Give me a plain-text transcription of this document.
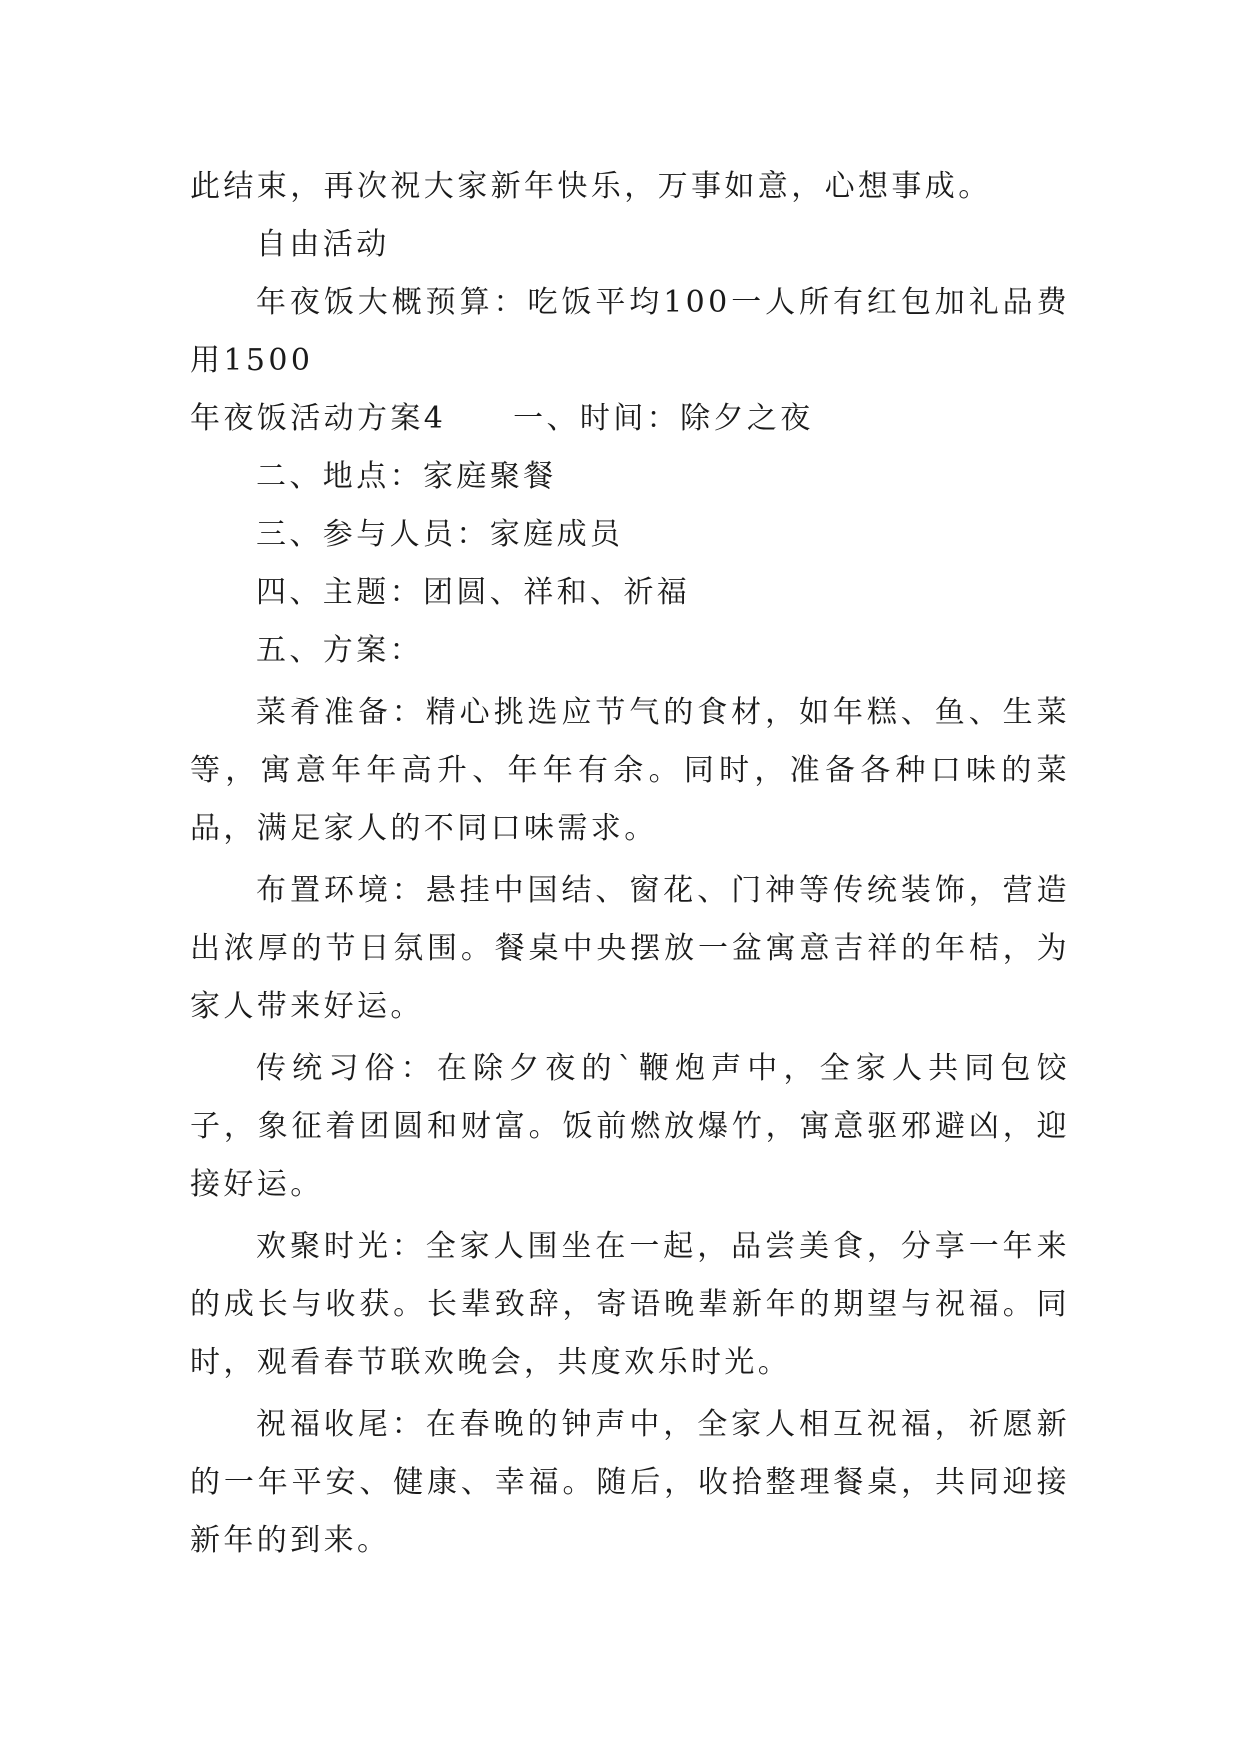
此结束，再次祝大家新年快乐，万事如意，心想事成。

自由活动

年夜饭大概预算：吃饭平均100一人所有红包加礼品费用1500

年夜饭活动方案4　　一、时间：除夕之夜

二、地点：家庭聚餐

三、参与人员：家庭成员

四、主题：团圆、祥和、祈福

五、方案：

菜肴准备：精心挑选应节气的食材，如年糕、鱼、生菜等，寓意年年高升、年年有余。同时，准备各种口味的菜品，满足家人的不同口味需求。

布置环境：悬挂中国结、窗花、门神等传统装饰，营造出浓厚的节日氛围。餐桌中央摆放一盆寓意吉祥的年桔，为家人带来好运。

传统习俗：在除夕夜的`鞭炮声中，全家人共同包饺子，象征着团圆和财富。饭前燃放爆竹，寓意驱邪避凶，迎接好运。

欢聚时光：全家人围坐在一起，品尝美食，分享一年来的成长与收获。长辈致辞，寄语晚辈新年的期望与祝福。同时，观看春节联欢晚会，共度欢乐时光。

祝福收尾：在春晚的钟声中，全家人相互祝福，祈愿新的一年平安、健康、幸福。随后，收拾整理餐桌，共同迎接新年的到来。
